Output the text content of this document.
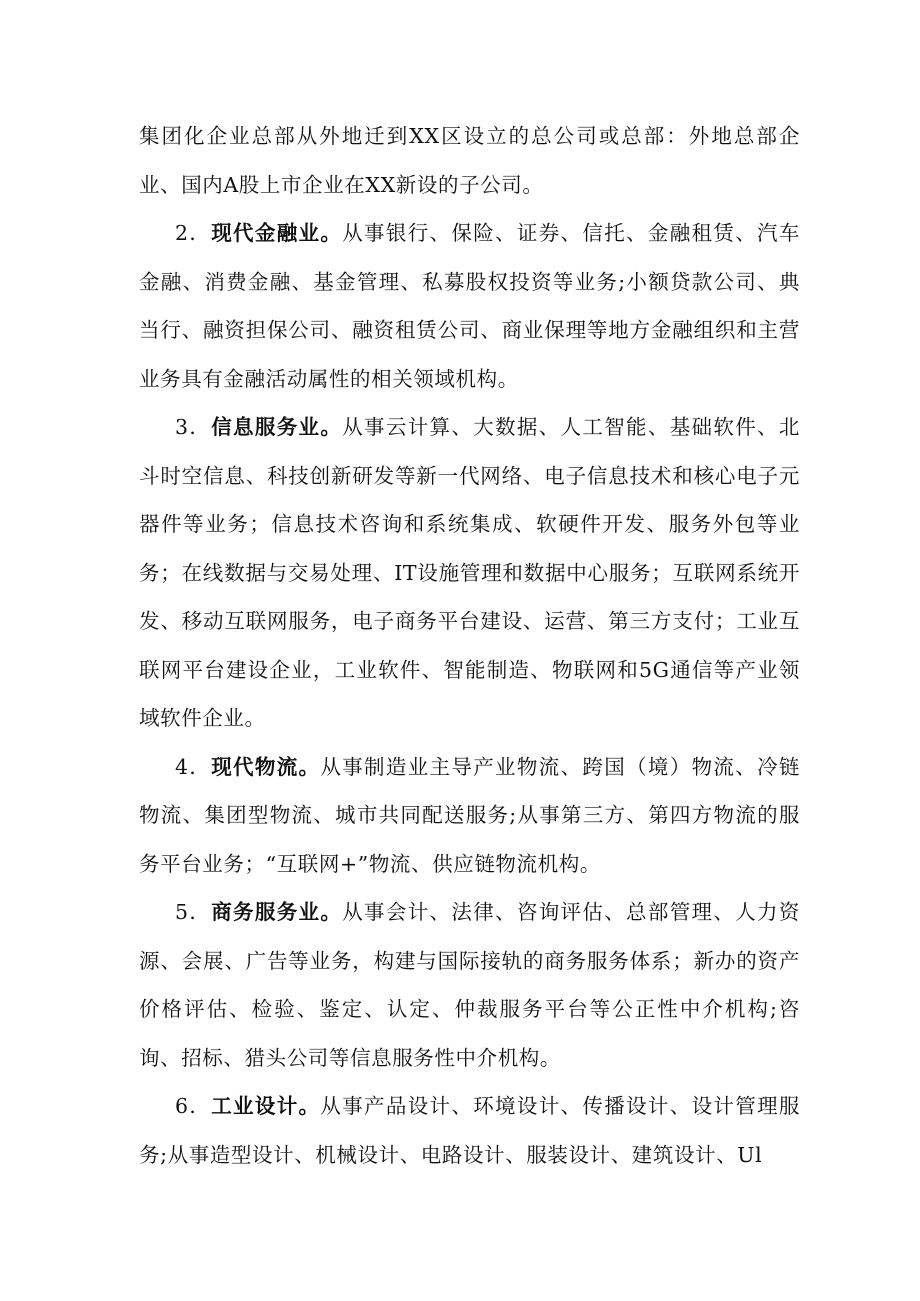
集团化企业总部从外地迁到XX区设立的总公司或总部：外地总部企业、国内A股上市企业在XX新设的子公司。

2．现代金融业。从事银行、保险、证券、信托、金融租赁、汽车金融、消费金融、基金管理、私募股权投资等业务;小额贷款公司、典当行、融资担保公司、融资租赁公司、商业保理等地方金融组织和主营业务具有金融活动属性的相关领域机构。

3．信息服务业。从事云计算、大数据、人工智能、基础软件、北斗时空信息、科技创新研发等新一代网络、电子信息技术和核心电子元器件等业务；信息技术咨询和系统集成、软硬件开发、服务外包等业务；在线数据与交易处理、IT设施管理和数据中心服务；互联网系统开发、移动互联网服务，电子商务平台建设、运营、第三方支付；工业互联网平台建设企业，工业软件、智能制造、物联网和5G通信等产业领域软件企业。

4．现代物流。从事制造业主导产业物流、跨国（境）物流、冷链物流、集团型物流、城市共同配送服务;从事第三方、第四方物流的服务平台业务；“互联网+”物流、供应链物流机构。

5．商务服务业。从事会计、法律、咨询评估、总部管理、人力资源、会展、广告等业务，构建与国际接轨的商务服务体系；新办的资产价格评估、检验、鉴定、认定、仲裁服务平台等公正性中介机构;咨询、招标、猎头公司等信息服务性中介机构。

6．工业设计。从事产品设计、环境设计、传播设计、设计管理服务;从事造型设计、机械设计、电路设计、服装设计、建筑设计、Ul
